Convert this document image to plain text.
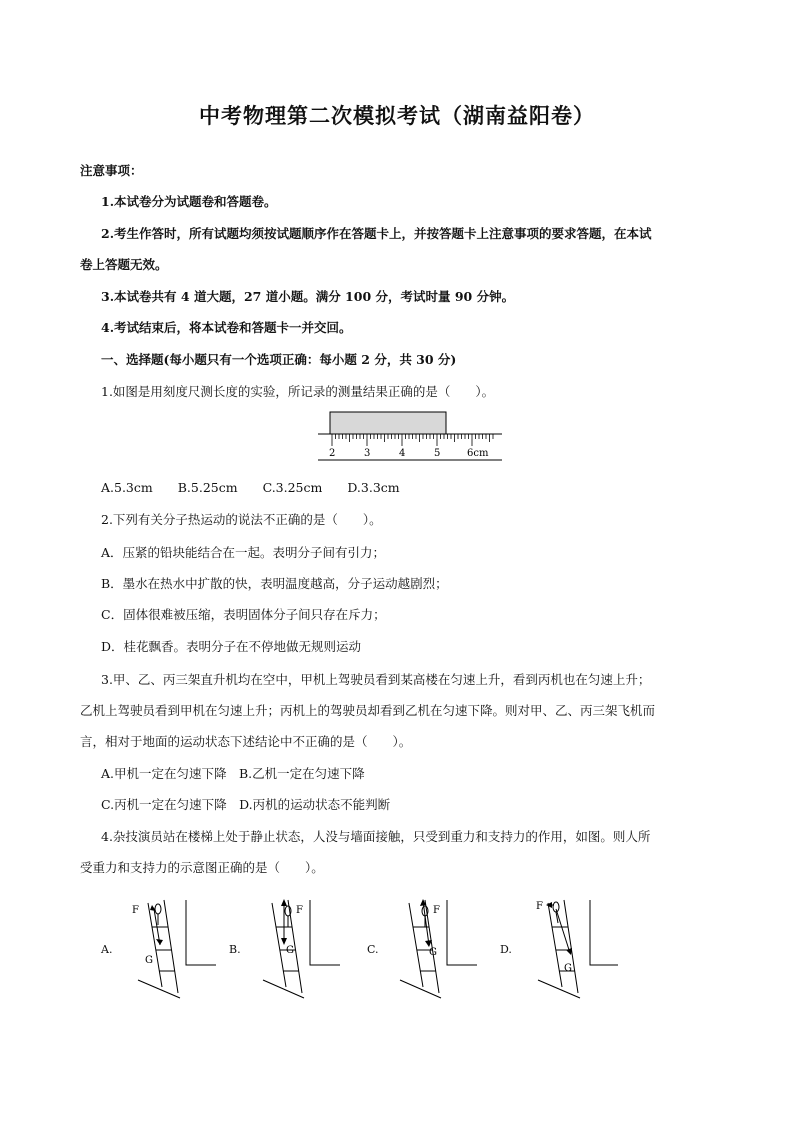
中考物理第二次模拟考试（湖南益阳卷）
注意事项：
1.本试卷分为试题卷和答题卷。
2.考生作答时，所有试题均须按试题顺序作在答题卡上，并按答题卡上注意事项的要求答题，在本试
卷上答题无效。
3.本试卷共有 4 道大题，27 道小题。满分 100 分，考试时量 90 分钟。
4.考试结束后，将本试卷和答题卡一并交回。
一、选择题(每小题只有一个选项正确：每小题 2 分，共 30 分)
1.如图是用刻度尺测长度的实验，所记录的测量结果正确的是（　　）。
2	3	4	5	6cm
A.5.3cm　　B.5.25cm　　C.3.25cm　　D.3.3cm
2.下列有关分子热运动的说法不正确的是（　　）。
A．压紧的铅块能结合在一起。表明分子间有引力；
B．墨水在热水中扩散的快，表明温度越高，分子运动越剧烈；
C．固体很难被压缩，表明固体分子间只存在斥力；
D．桂花飘香。表明分子在不停地做无规则运动
3.甲、乙、丙三架直升机均在空中，甲机上驾驶员看到某高楼在匀速上升，看到丙机也在匀速上升；
乙机上驾驶员看到甲机在匀速上升；丙机上的驾驶员却看到乙机在匀速下降。则对甲、乙、丙三架飞机而
言，相对于地面的运动状态下述结论中不正确的是（　　）。
A.甲机一定在匀速下降　B.乙机一定在匀速下降
C.丙机一定在匀速下降　D.丙机的运动状态不能判断
4.杂技演员站在楼梯上处于静止状态，人没与墙面接触，只受到重力和支持力的作用，如图。则人所
受重力和支持力的示意图正确的是（　　）。
A.
F
G
B.
F
G	C.
F
G	D.
F
G
